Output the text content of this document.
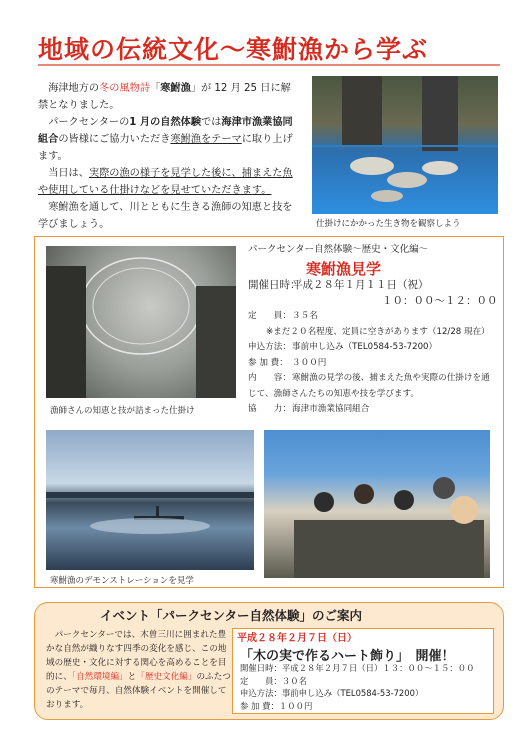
地域の伝統文化〜寒鮒漁から学ぶ

海津地方の冬の風物詩「寒鮒漁」が 12 月 25 日に解禁となりました。

パークセンターの1 月の自然体験では海津市漁業協同組合の皆様にご協力いただき寒鮒漁をテーマに取り上げます。

当日は、実際の漁の様子を見学した後に、捕まえた魚や使用している仕掛けなどを見せていただきます。

寒鮒漁を通して、川とともに生きる漁師の知恵と技を学びましょう。	仕掛けにかかった生き物を観察しよう
漁師さんの知恵と技が詰まった仕掛け
パークセンター自然体験〜歴史・文化編〜
寒鮒漁見学
開催日時：平成２８年１月１１日（祝）
１０：００〜１２：００
定　　員：３５名
※まだ２０名程度、定員に空きがあります（12/28 現在）
申込方法：事前申し込み（TEL0584-53-7200）
参 加 費： ３００円
内　　容：寒鮒漁の見学の後、捕まえた魚や実際の仕掛けを通
じて、漁師さんたちの知恵や技を学びます。
協　　力：海津市漁業協同組合
寒鮒漁のデモンストレーションを見学
イベント「パークセンター自然体験」のご案内

パークセンターでは、木曽三川に囲まれた豊かな自然が織りなす四季の変化を感じ、この地域の歴史・文化に対する関心を高めることを目的に、「自然環境編」と「歴史文化編」のふたつのテーマで毎月、自然体験イベントを開催しております。

平成２８年２月７日（日）
「木の実で作るハート飾り」　開催！
開催日時：平成２８年２月７日（日）１３：００〜１５：００
定　　員：３０名
申込方法：事前申し込み（TEL0584-53-7200）
参 加 費：１００円
